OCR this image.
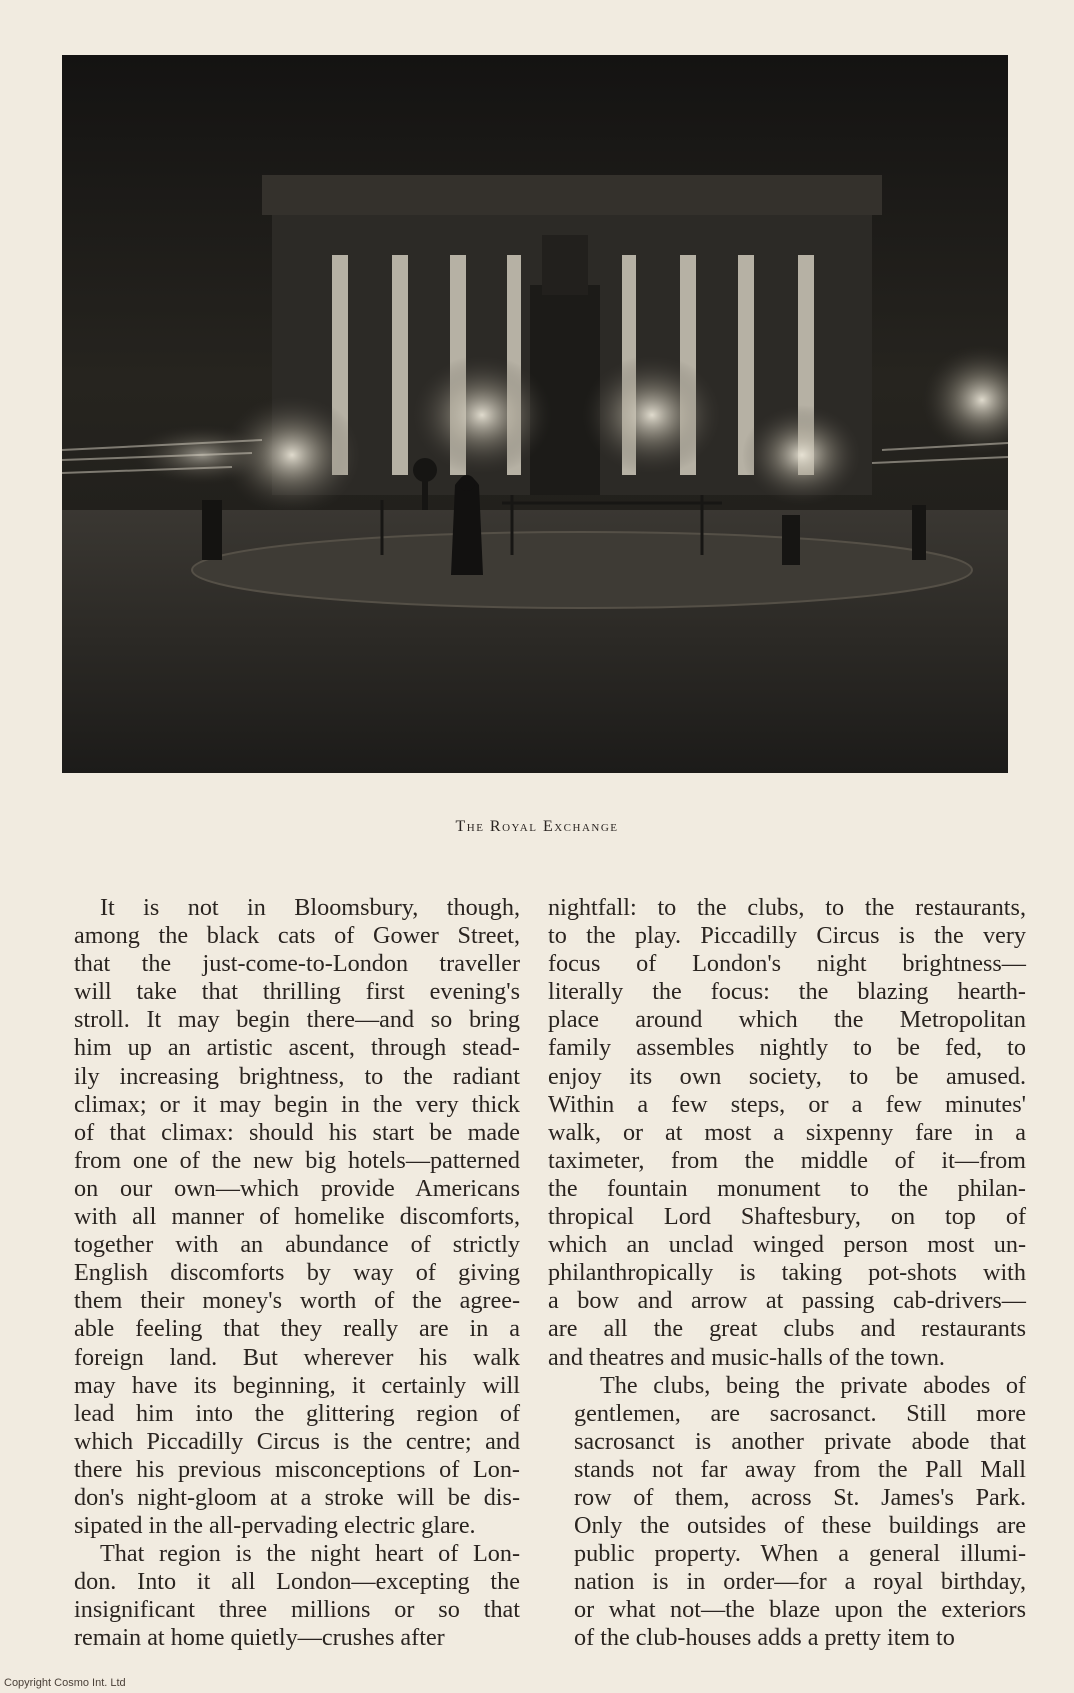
The Royal Exchange

It is not in Bloomsbury, though,
among the black cats of Gower Street,
that the just-come-to-London traveller
will take that thrilling first evening's
stroll. It may begin there—and so bring
him up an artistic ascent, through stead-
ily increasing brightness, to the radiant
climax; or it may begin in the very thick
of that climax: should his start be made
from one of the new big hotels—patterned
on our own—which provide Americans
with all manner of homelike discomforts,
together with an abundance of strictly
English discomforts by way of giving
them their money's worth of the agree-
able feeling that they really are in a
foreign land. But wherever his walk
may have its beginning, it certainly will
lead him into the glittering region of
which Piccadilly Circus is the centre; and
there his previous misconceptions of Lon-
don's night-gloom at a stroke will be dis-
sipated in the all-pervading electric glare.

That region is the night heart of Lon-
don. Into it all London—excepting the
insignificant three millions or so that
remain at home quietly—crushes after

nightfall: to the clubs, to the restaurants,
to the play. Piccadilly Circus is the very
focus of London's night brightness—
literally the focus: the blazing hearth-
place around which the Metropolitan
family assembles nightly to be fed, to
enjoy its own society, to be amused.
Within a few steps, or a few minutes'
walk, or at most a sixpenny fare in a
taximeter, from the middle of it—from
the fountain monument to the philan-
thropical Lord Shaftesbury, on top of
which an unclad winged person most un-
philanthropically is taking pot-shots with
a bow and arrow at passing cab-drivers—
are all the great clubs and restaurants
and theatres and music-halls of the town.

The clubs, being the private abodes of
gentlemen, are sacrosanct. Still more
sacrosanct is another private abode that
stands not far away from the Pall Mall
row of them, across St. James's Park.
Only the outsides of these buildings are
public property. When a general illumi-
nation is in order—for a royal birthday,
or what not—the blaze upon the exteriors
of the club-houses adds a pretty item to

Copyright Cosmo Int. Ltd
